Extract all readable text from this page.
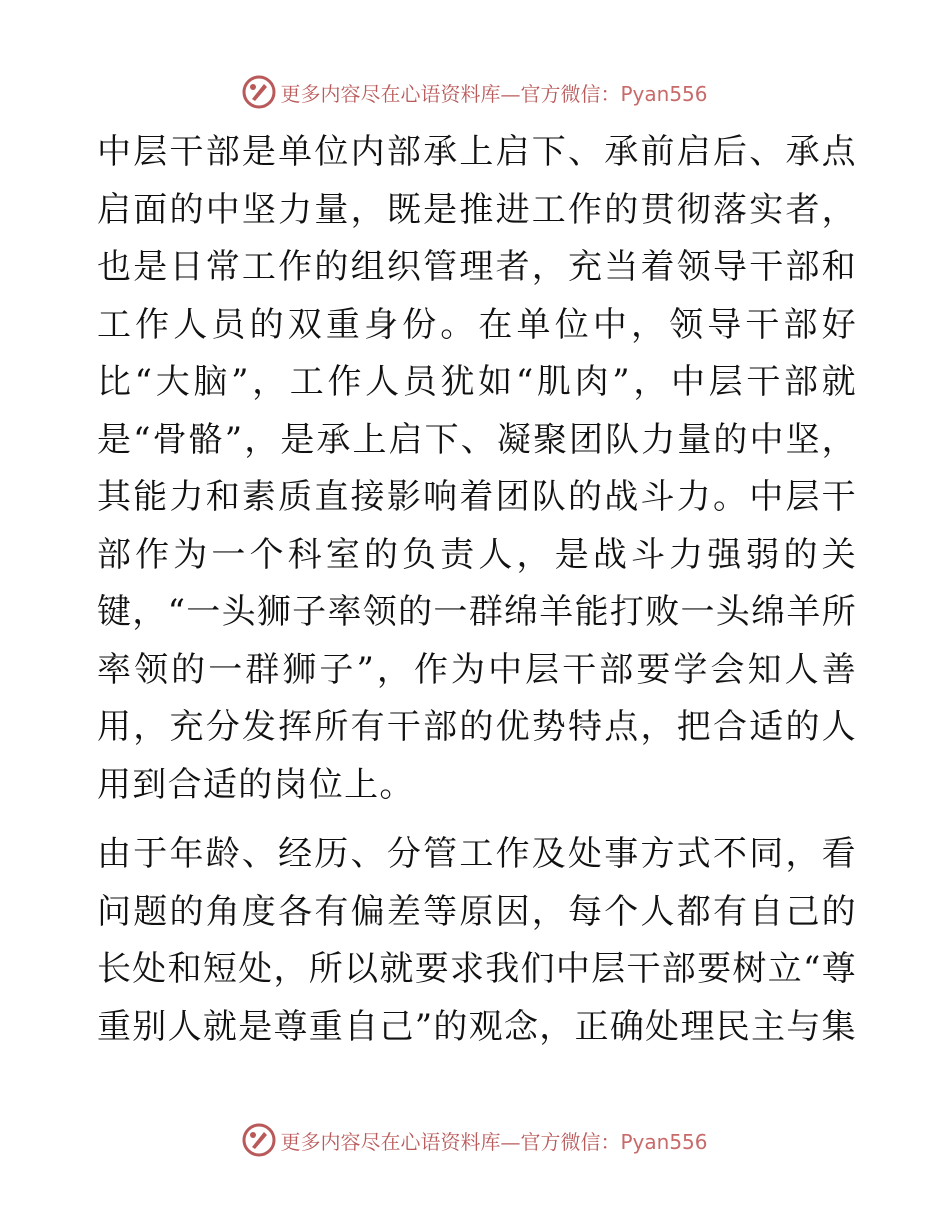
更多内容尽在心语资料库—官方微信：Pyan556

中层干部是单位内部承上启下、承前启后、承点启面的中坚力量，既是推进工作的贯彻落实者，也是日常工作的组织管理者，充当着领导干部和工作人员的双重身份。在单位中，领导干部好比“大脑”，工作人员犹如“肌肉”，中层干部就是“骨骼”，是承上启下、凝聚团队力量的中坚，其能力和素质直接影响着团队的战斗力。中层干部作为一个科室的负责人，是战斗力强弱的关键，“一头狮子率领的一群绵羊能打败一头绵羊所率领的一群狮子”，作为中层干部要学会知人善用，充分发挥所有干部的优势特点，把合适的人用到合适的岗位上。

由于年龄、经历、分管工作及处事方式不同，看问题的角度各有偏差等原因，每个人都有自己的长处和短处，所以就要求我们中层干部要树立“尊重别人就是尊重自己”的观念，正确处理民主与集

更多内容尽在心语资料库—官方微信：Pyan556
